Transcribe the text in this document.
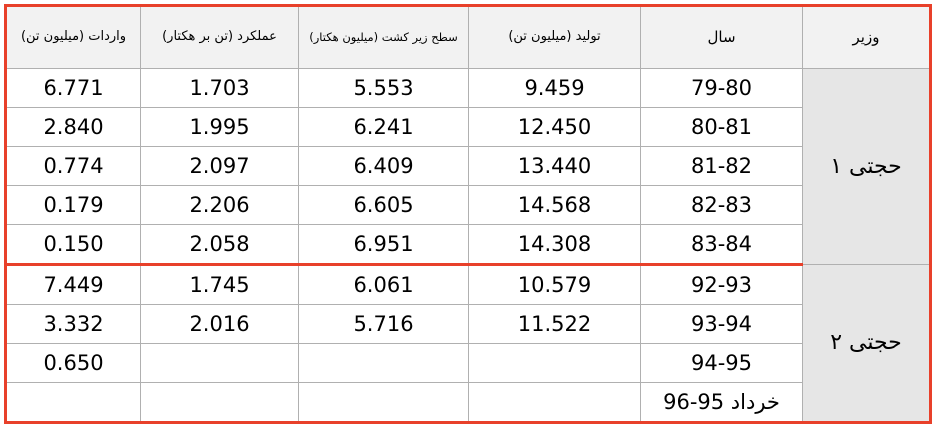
وزیر	سال	تولید (میلیون تن)	سطح زیر کشت (میلیون هکتار)	عملکرد (تن بر هکتار)	واردات (میلیون تن)
حجتی ۱	79-80	9.459	5.553	1.703	6.771
	80-81	12.450	6.241	1.995	2.840
	81-82	13.440	6.409	2.097	0.774
	82-83	14.568	6.605	2.206	0.179
	83-84	14.308	6.951	2.058	0.150
حجتی ۲	92-93	10.579	6.061	1.745	7.449
	93-94	11.522	5.716	2.016	3.332
	94-95				0.650
	خرداد 95-96				
